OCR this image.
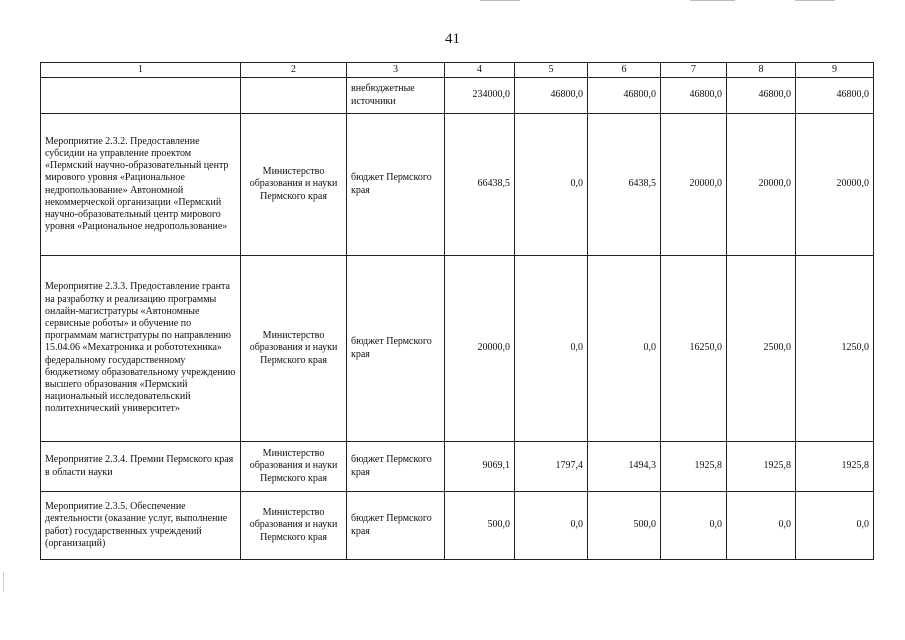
41
1	2	3	4	5	6	7	8	9
		внебюджетные источники	234000,0	46800,0	46800,0	46800,0	46800,0	46800,0
Мероприятие 2.3.2. Предоставление субсидии на управление проектом «Пермский научно-образовательный центр мирового уровня «Рациональное недропользование» Автономной некоммерческой организации «Пермский научно-образовательный центр мирового уровня «Рациональное недропользование»	Министерство образования и науки Пермского края	бюджет Пермского края	66438,5	0,0	6438,5	20000,0	20000,0	20000,0
Мероприятие 2.3.3. Предоставление гранта на разработку и реализацию программы онлайн-магистратуры «Автономные сервисные роботы» и обучение по программам магистратуры по направлению 15.04.06 «Мехатроника и робототехника» федеральному государственному бюджетному образовательному учреждению высшего образования «Пермский национальный исследовательский политехнический университет»	Министерство образования и науки Пермского края	бюджет Пермского края	20000,0	0,0	0,0	16250,0	2500,0	1250,0
Мероприятие 2.3.4. Премии Пермского края в области науки	Министерство образования и науки Пермского края	бюджет Пермского края	9069,1	1797,4	1494,3	1925,8	1925,8	1925,8
Мероприятие 2.3.5. Обеспечение деятельности (оказание услуг, выполнение работ) государственных учреждений (организаций)	Министерство образования и науки Пермского края	бюджет Пермского края	500,0	0,0	500,0	0,0	0,0	0,0
